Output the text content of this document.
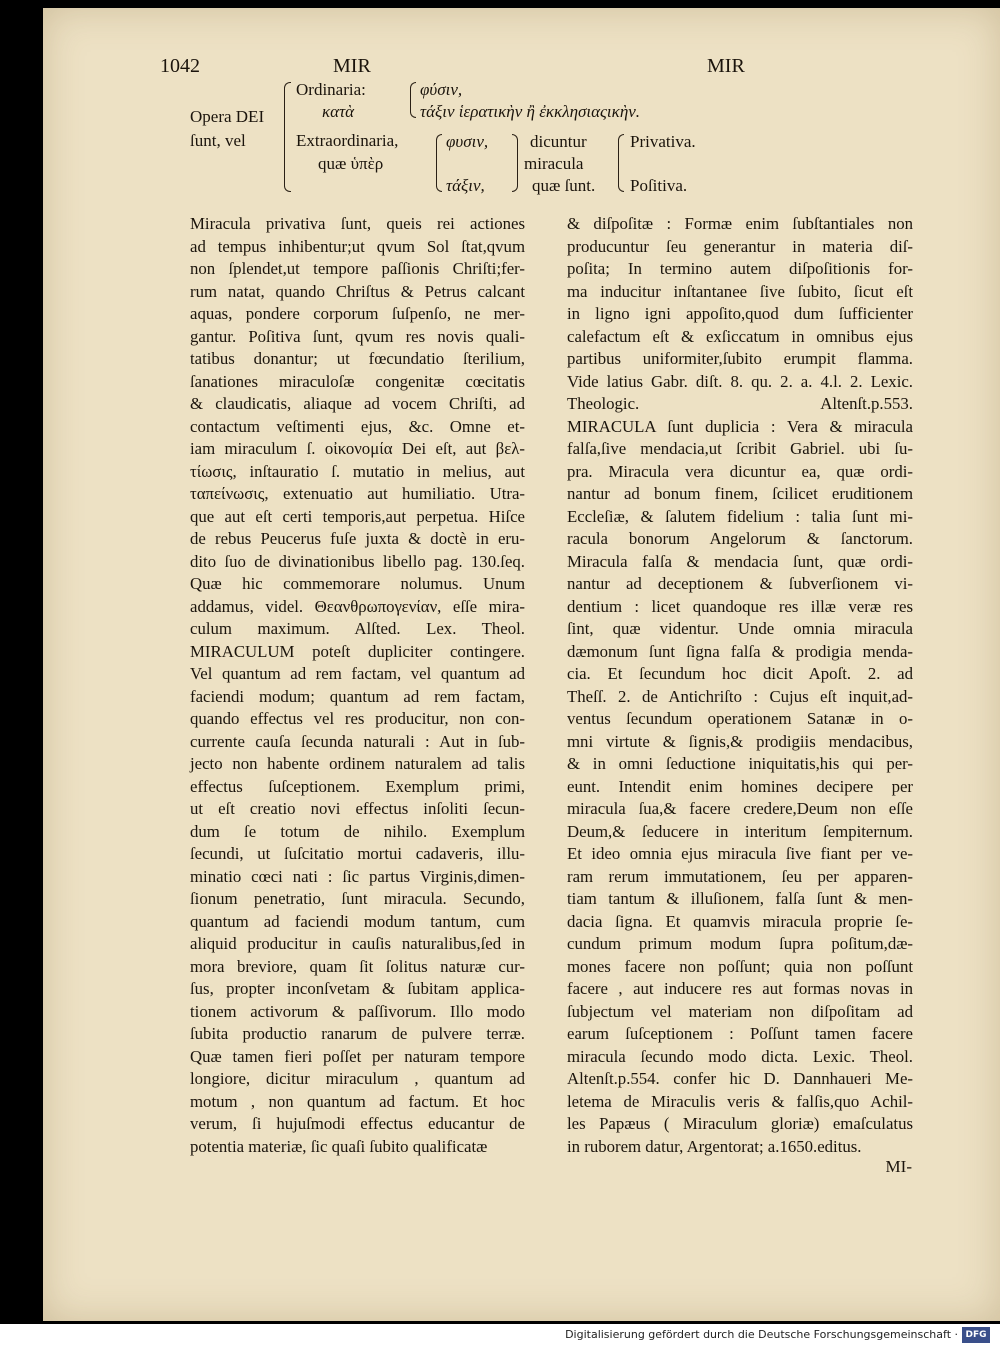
1042	MIR	MIR
Opera DEI
ſunt, vel
Ordinaria:
κατὰ
Extraordinaria,
quæ ὑπὲρ
φύσιν,
τάξιν ἱερατικὴν ἢ ἐκκλησιαςικὴν.
φυσιν,
τάξιν,
dicuntur
miracula
quæ ſunt.
Privativa.
Poſitiva.
Miracula privativa ſunt, queis rei actiones
ad tempus inhibentur;ut qvum Sol ſtat,qvum
non ſplendet,ut tempore paſſionis Chriſti;fer-
rum natat, quando Chriſtus & Petrus calcant
aquas, pondere corporum ſuſpenſo, ne mer-
gantur. Poſitiva ſunt, qvum res novis quali-
tatibus donantur; ut fœcundatio ſterilium,
ſanationes miraculoſæ congenitæ cœcitatis
& claudicatis, aliaque ad vocem Chriſti, ad
contactum veſtimenti ejus, &c. Omne et-
iam miraculum ſ. οἰκονομία Dei eſt, aut βελ-
τίωσις, inſtauratio ſ. mutatio in melius, aut
ταπείνωσις, extenuatio aut humiliatio. Utra-
que aut eſt certi temporis,aut perpetua. Hiſce
de rebus Peucerus fuſe juxta & doctè in eru-
dito ſuo de divinationibus libello pag. 130.ſeq.
Quæ hic commemorare nolumus. Unum
addamus, videl. Θεανθρωπογενίαν, eſſe mira-
culum maximum. Alſted. Lex. Theol.
MIRACULUM poteſt dupliciter contingere.
Vel quantum ad rem factam, vel quantum ad
faciendi modum; quantum ad rem factam,
quando effectus vel res producitur, non con-
currente cauſa ſecunda naturali : Aut in ſub-
jecto non habente ordinem naturalem ad talis
effectus ſuſceptionem. Exemplum primi,
ut eſt creatio novi effectus inſoliti ſecun-
dum ſe totum de nihilo. Exemplum
ſecundi, ut ſuſcitatio mortui cadaveris, illu-
minatio cœci nati : ſic partus Virginis,dimen-
ſionum penetratio, ſunt miracula. Secundo,
quantum ad faciendi modum tantum, cum
aliquid producitur in cauſis naturalibus,ſed in
mora breviore, quam ſit ſolitus naturæ cur-
ſus, propter inconſvetam & ſubitam applica-
tionem activorum & paſſivorum. Illo modo
ſubita productio ranarum de pulvere terræ.
Quæ tamen fieri poſſet per naturam tempore
longiore, dicitur miraculum , quantum ad
motum , non quantum ad factum. Et hoc
verum, ſi hujuſmodi effectus educantur de
potentia materiæ, ſic quaſi ſubito qualificatæ
& diſpoſitæ : Formæ enim ſubſtantiales non
producuntur ſeu generantur in materia diſ-
poſita; In termino autem diſpoſitionis for-
ma inducitur inſtantanee ſive ſubito, ſicut eſt
in ligno igni appoſito,quod dum ſufficienter
calefactum eſt & exſiccatum in omnibus ejus
partibus uniformiter,ſubito erumpit flamma.
Vide latius Gabr. diſt. 8. qu. 2. a. 4.l. 2. Lexic.
Theologic. Altenſt.p.553.
MIRACULA ſunt duplicia : Vera & miracula
falſa,ſive mendacia,ut ſcribit Gabriel. ubi ſu-
pra. Miracula vera dicuntur ea, quæ ordi-
nantur ad bonum finem, ſcilicet eruditionem
Eccleſiæ, & ſalutem fidelium : talia ſunt mi-
racula bonorum Angelorum & ſanctorum.
Miracula falſa & mendacia ſunt, quæ ordi-
nantur ad deceptionem & ſubverſionem vi-
dentium : licet quandoque res illæ veræ res
ſint, quæ videntur. Unde omnia miracula
dæmonum ſunt ſigna falſa & prodigia menda-
cia. Et ſecundum hoc dicit Apoſt. 2. ad
Theſſ. 2. de Antichriſto : Cujus eſt inquit,ad-
ventus ſecundum operationem Satanæ in o-
mni virtute & ſignis,& prodigiis mendacibus,
& in omni ſeductione iniquitatis,his qui per-
eunt. Intendit enim homines decipere per
miracula ſua,& facere credere,Deum non eſſe
Deum,& ſeducere in interitum ſempiternum.
Et ideo omnia ejus miracula ſive fiant per ve-
ram rerum immutationem, ſeu per apparen-
tiam tantum & illuſionem, falſa ſunt & men-
dacia ſigna. Et quamvis miracula proprie ſe-
cundum primum modum ſupra poſitum,dæ-
mones facere non poſſunt; quia non poſſunt
facere , aut inducere res aut formas novas in
ſubjectum vel materiam non diſpoſitam ad
earum ſuſceptionem : Poſſunt tamen facere
miracula ſecundo modo dicta. Lexic. Theol.
Altenſt.p.554. confer hic D. Dannhaueri Me-
letema de Miraculis veris & falſis,quo Achil-
les Papæus ( Miraculum gloriæ) emaſculatus
in ruborem datur, Argentorat; a.1650.editus.
MI-
Digitalisierung gefördert durch die Deutsche Forschungsgemeinschaft · DFG
